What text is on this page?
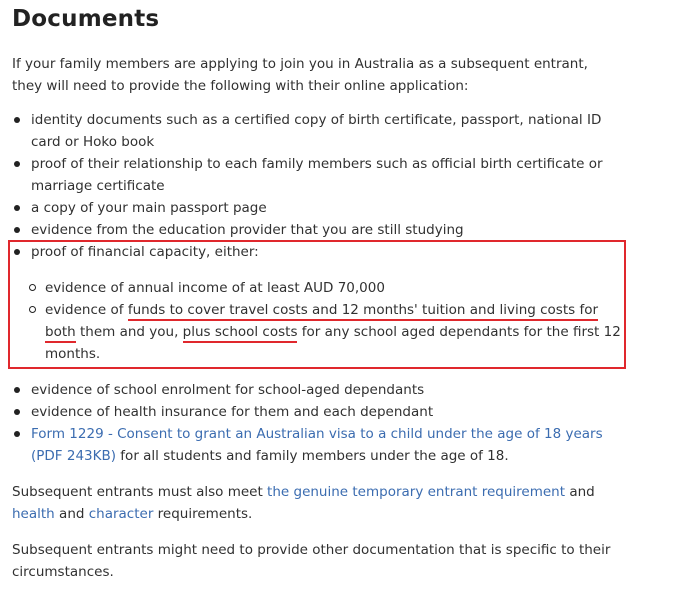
Documents
If your family members are applying to join you in Australia as a subsequent entrant, they will need to provide the following with their online application:
identity documents such as a certified copy of birth certificate, passport, national ID card or Hoko book
proof of their relationship to each family members such as official birth certificate or marriage certificate
a copy of your main passport page
evidence from the education provider that you are still studying
proof of financial capacity, either:
evidence of annual income of at least AUD 70,000
evidence of funds to cover travel costs and 12 months' tuition and living costs for both them and you, plus school costs for any school aged dependants for the first 12 months.
evidence of school enrolment for school-aged dependants
evidence of health insurance for them and each dependant
Form 1229 - Consent to grant an Australian visa to a child under the age of 18 years (PDF 243KB) for all students and family members under the age of 18.
Subsequent entrants must also meet the genuine temporary entrant requirement and health and character requirements.
Subsequent entrants might need to provide other documentation that is specific to their circumstances.
